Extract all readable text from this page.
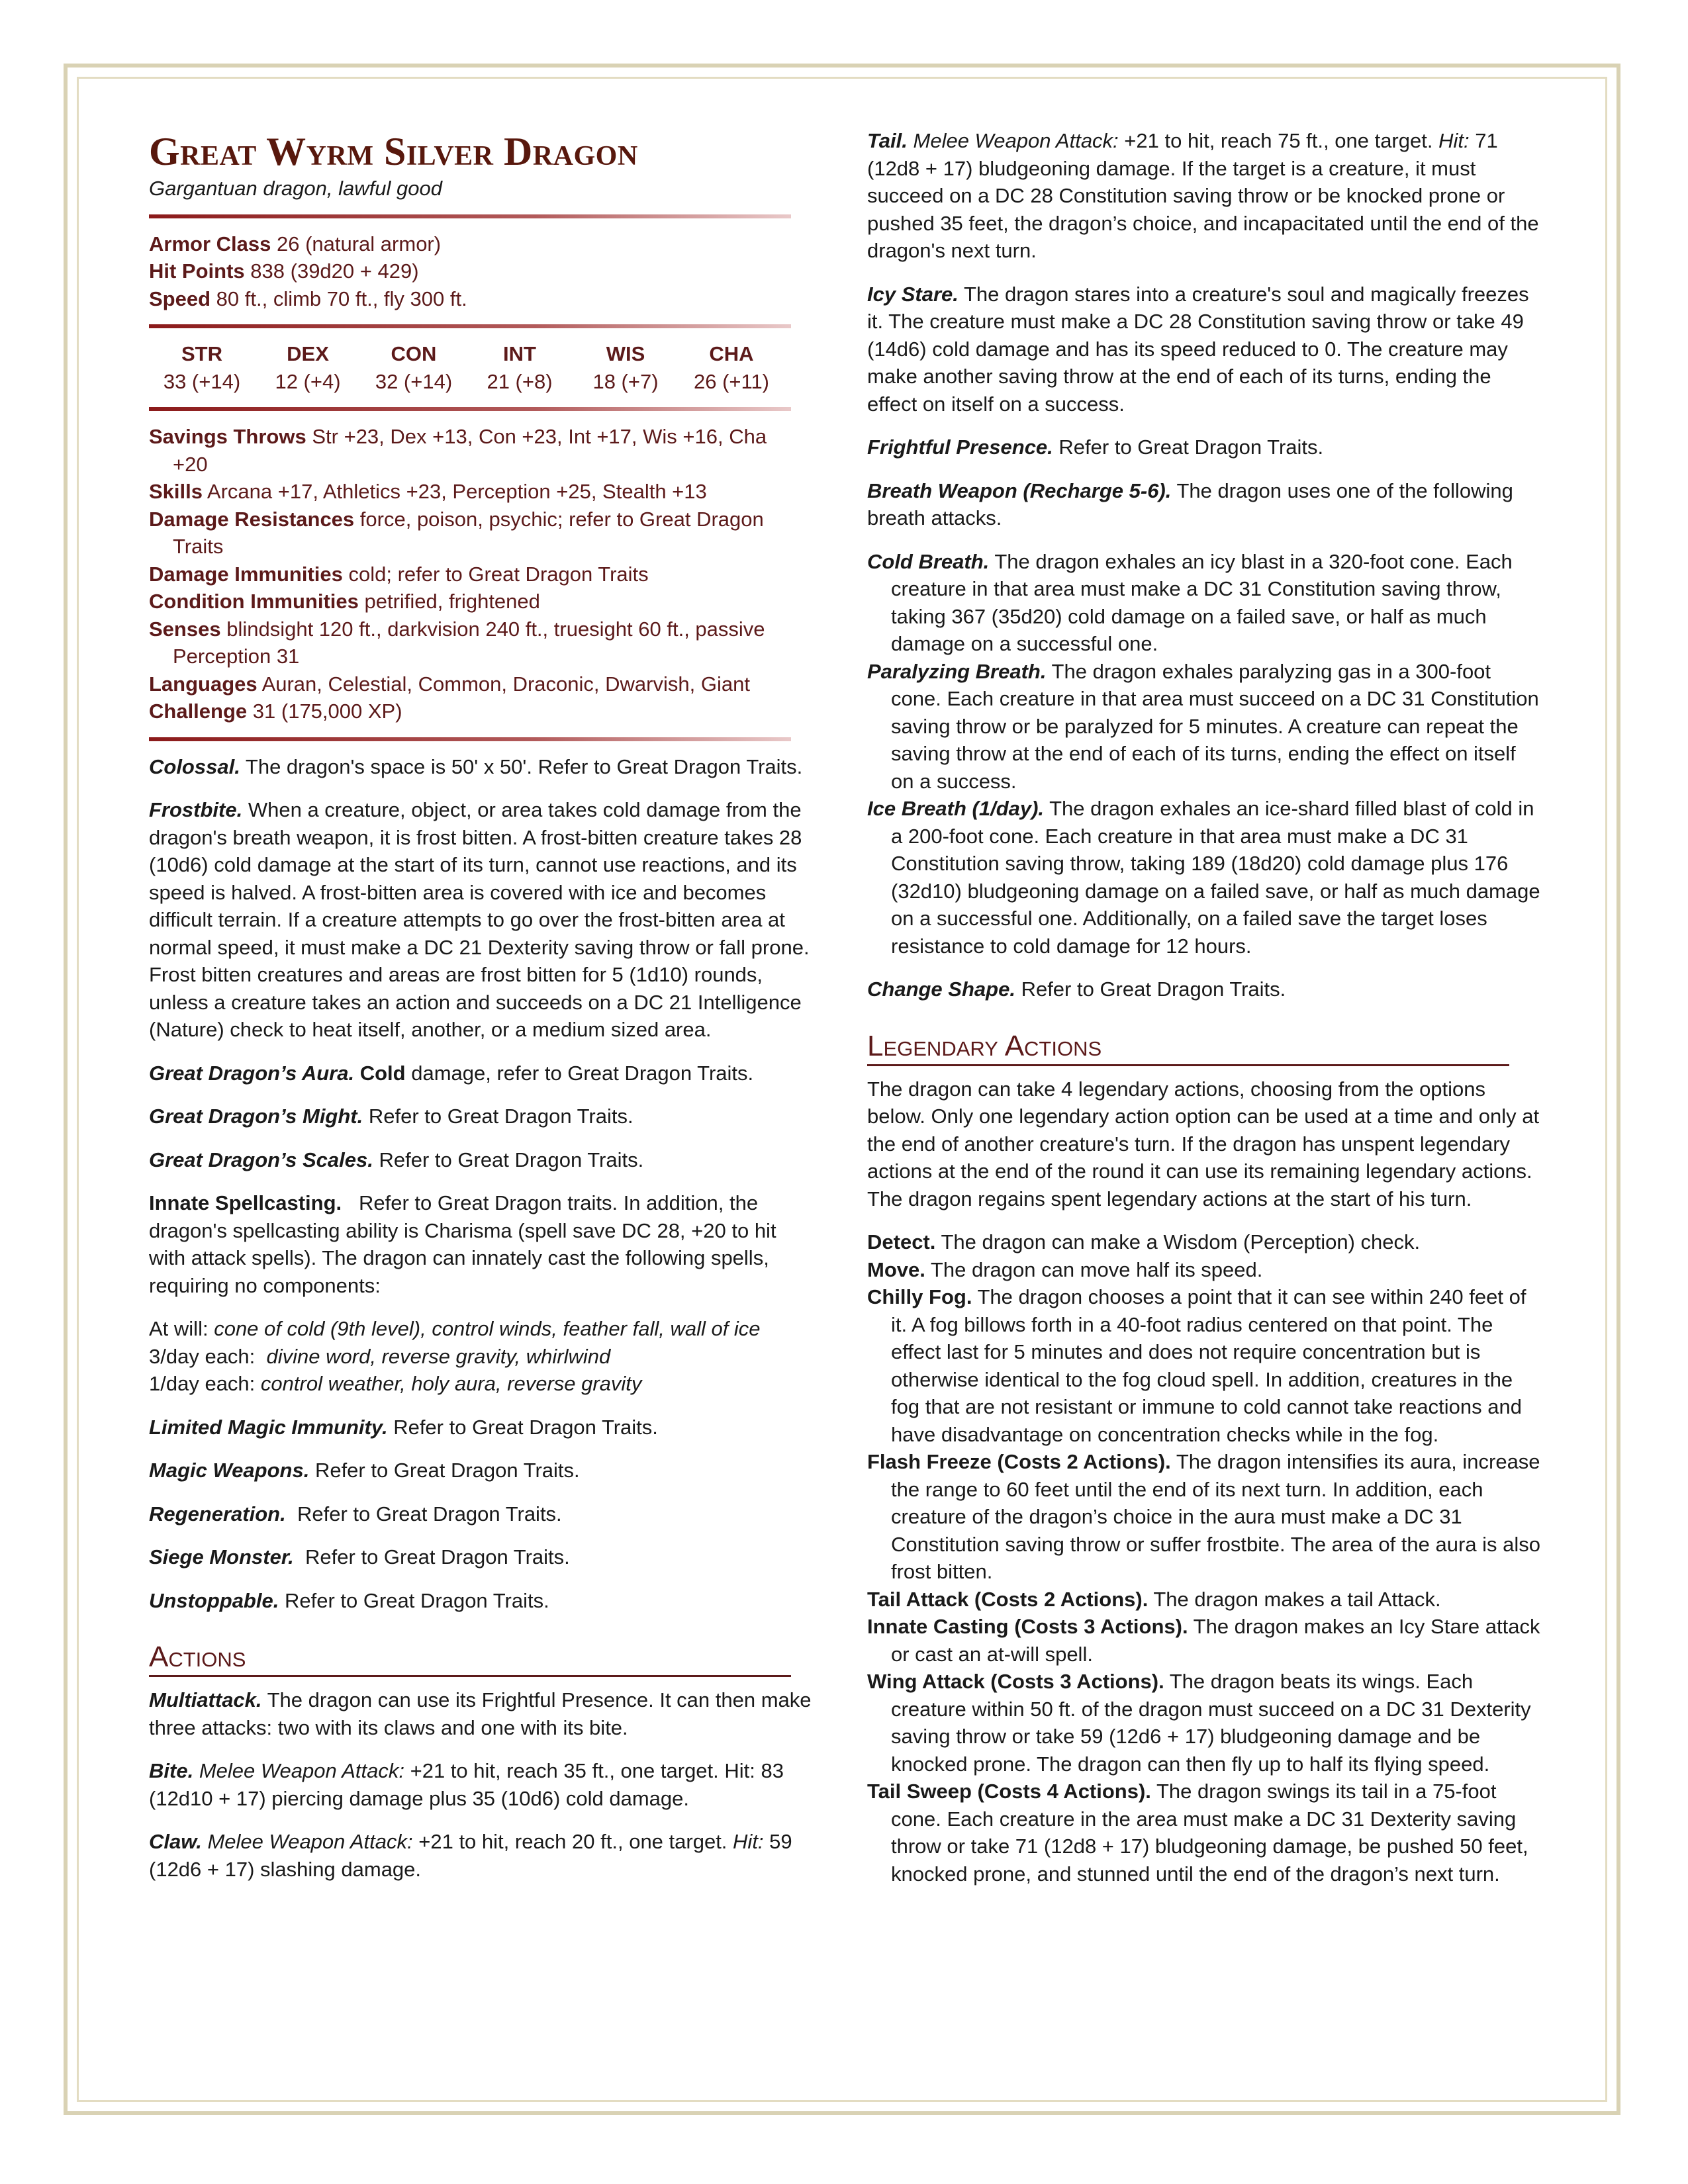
Great Wyrm Silver Dragon
Gargantuan dragon, lawful good
Armor Class 26 (natural armor)
Hit Points 838 (39d20 + 429)
Speed 80 ft., climb 70 ft., fly 300 ft.
STR
33 (+14)
DEX
12 (+4)
CON
32 (+14)
INT
21 (+8)
WIS
18 (+7)
CHA
26 (+11)
Savings Throws Str +23, Dex +13, Con +23, Int +17, Wis +16, Cha +20
Skills Arcana +17, Athletics +23, Perception +25, Stealth +13
Damage Resistances force, poison, psychic; refer to Great Dragon Traits
Damage Immunities cold; refer to Great Dragon Traits
Condition Immunities petrified, frightened
Senses blindsight 120 ft., darkvision 240 ft., truesight 60 ft., passive Perception 31
Languages Auran, Celestial, Common, Draconic, Dwarvish, Giant
Challenge 31 (175,000 XP)

Colossal. The dragon's space is 50' x 50'. Refer to Great Dragon Traits.

Frostbite. When a creature, object, or area takes cold damage from the dragon's breath weapon, it is frost bitten. A frost-bitten creature takes 28 (10d6) cold damage at the start of its turn, cannot use reactions, and its speed is halved. A frost-bitten area is covered with ice and becomes difficult terrain. If a creature attempts to go over the frost-bitten area at normal speed, it must make a DC 21 Dexterity saving throw or fall prone. Frost bitten creatures and areas are frost bitten for 5 (1d10) rounds, unless a creature takes an action and succeeds on a DC 21 Intelligence (Nature) check to heat itself, another, or a medium sized area.

Great Dragon’s Aura. Cold damage, refer to Great Dragon Traits.

Great Dragon’s Might. Refer to Great Dragon Traits.

Great Dragon’s Scales. Refer to Great Dragon Traits.

Innate Spellcasting.   Refer to Great Dragon traits. In addition, the dragon's spellcasting ability is Charisma (spell save DC 28, +20 to hit with attack spells). The dragon can innately cast the following spells, requiring no components:

At will: cone of cold (9th level), control winds, feather fall, wall of ice
3/day each:  divine word, reverse gravity, whirlwind
1/day each: control weather, holy aura, reverse gravity

Limited Magic Immunity. Refer to Great Dragon Traits.

Magic Weapons. Refer to Great Dragon Traits.

Regeneration.  Refer to Great Dragon Traits.

Siege Monster.  Refer to Great Dragon Traits.

Unstoppable. Refer to Great Dragon Traits.

Actions

Multiattack. The dragon can use its Frightful Presence. It can then make three attacks: two with its claws and one with its bite.

Bite. Melee Weapon Attack: +21 to hit, reach 35 ft., one target. Hit: 83 (12d10 + 17) piercing damage plus 35 (10d6) cold damage.

Claw. Melee Weapon Attack: +21 to hit, reach 20 ft., one target. Hit: 59 (12d6 + 17) slashing damage.

Tail. Melee Weapon Attack: +21 to hit, reach 75 ft., one target. Hit: 71 (12d8 + 17) bludgeoning damage. If the target is a creature, it must succeed on a DC 28 Constitution saving throw or be knocked prone or pushed 35 feet, the dragon’s choice, and incapacitated until the end of the dragon's next turn.

Icy Stare. The dragon stares into a creature's soul and magically freezes it. The creature must make a DC 28 Constitution saving throw or take 49 (14d6) cold damage and has its speed reduced to 0. The creature may make another saving throw at the end of each of its turns, ending the effect on itself on a success.

Frightful Presence. Refer to Great Dragon Traits.

Breath Weapon (Recharge 5-6). The dragon uses one of the following breath attacks.

Cold Breath. The dragon exhales an icy blast in a 320-foot cone. Each creature in that area must make a DC 31 Constitution saving throw, taking 367 (35d20) cold damage on a failed save, or half as much damage on a successful one.
Paralyzing Breath. The dragon exhales paralyzing gas in a 300-foot cone. Each creature in that area must succeed on a DC 31 Constitution saving throw or be paralyzed for 5 minutes. A creature can repeat the saving throw at the end of each of its turns, ending the effect on itself on a success.
Ice Breath (1/day). The dragon exhales an ice-shard filled blast of cold in a 200-foot cone. Each creature in that area must make a DC 31 Constitution saving throw, taking 189 (18d20) cold damage plus 176 (32d10) bludgeoning damage on a failed save, or half as much damage on a successful one. Additionally, on a failed save the target loses resistance to cold damage for 12 hours.

Change Shape. Refer to Great Dragon Traits.

Legendary Actions

The dragon can take 4 legendary actions, choosing from the options below. Only one legendary action option can be used at a time and only at the end of another creature's turn. If the dragon has unspent legendary actions at the end of the round it can use its remaining legendary actions. The dragon regains spent legendary actions at the start of his turn.

Detect. The dragon can make a Wisdom (Perception) check.
Move. The dragon can move half its speed.
Chilly Fog. The dragon chooses a point that it can see within 240 feet of it. A fog billows forth in a 40-foot radius centered on that point. The effect last for 5 minutes and does not require concentration but is otherwise identical to the fog cloud spell. In addition, creatures in the fog that are not resistant or immune to cold cannot take reactions and have disadvantage on concentration checks while in the fog.
Flash Freeze (Costs 2 Actions). The dragon intensifies its aura, increase the range to 60 feet until the end of its next turn. In addition, each creature of the dragon’s choice in the aura must make a DC 31 Constitution saving throw or suffer frostbite. The area of the aura is also frost bitten.
Tail Attack (Costs 2 Actions). The dragon makes a tail Attack.
Innate Casting (Costs 3 Actions). The dragon makes an Icy Stare attack or cast an at-will spell.
Wing Attack (Costs 3 Actions). The dragon beats its wings. Each creature within 50 ft. of the dragon must succeed on a DC 31 Dexterity saving throw or take 59 (12d6 + 17) bludgeoning damage and be knocked prone. The dragon can then fly up to half its flying speed.
Tail Sweep (Costs 4 Actions). The dragon swings its tail in a 75-foot cone. Each creature in the area must make a DC 31 Dexterity saving throw or take 71 (12d8 + 17) bludgeoning damage, be pushed 50 feet, knocked prone, and stunned until the end of the dragon’s next turn.
